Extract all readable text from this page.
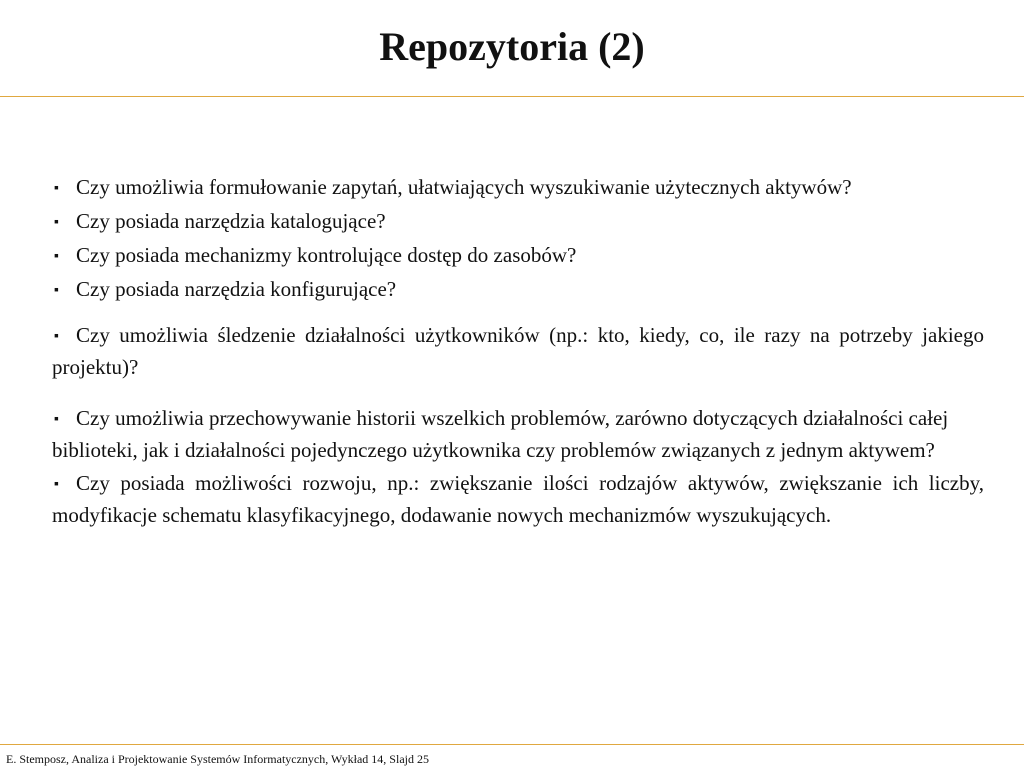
Repozytoria (2)

▪ Czy umożliwia formułowanie zapytań, ułatwiających wyszukiwanie użytecznych aktywów?

▪ Czy posiada narzędzia katalogujące?

▪ Czy posiada mechanizmy kontrolujące dostęp do zasobów?

▪ Czy posiada narzędzia konfigurujące?

▪ Czy umożliwia śledzenie działalności użytkowników (np.: kto, kiedy, co, ile razy na potrzeby jakiego projektu)?

▪ Czy umożliwia przechowywanie historii wszelkich problemów, zarówno dotyczących działalności całej biblioteki, jak i działalności pojedynczego użytkownika czy problemów związanych z jednym aktywem?

▪ Czy posiada możliwości rozwoju, np.: zwiększanie ilości rodzajów aktywów, zwiększanie ich liczby, modyfikacje schematu klasyfikacyjnego, dodawanie nowych mechanizmów wyszukujących.

E. Stemposz, Analiza i Projektowanie Systemów Informatycznych, Wykład 14, Slajd 25
